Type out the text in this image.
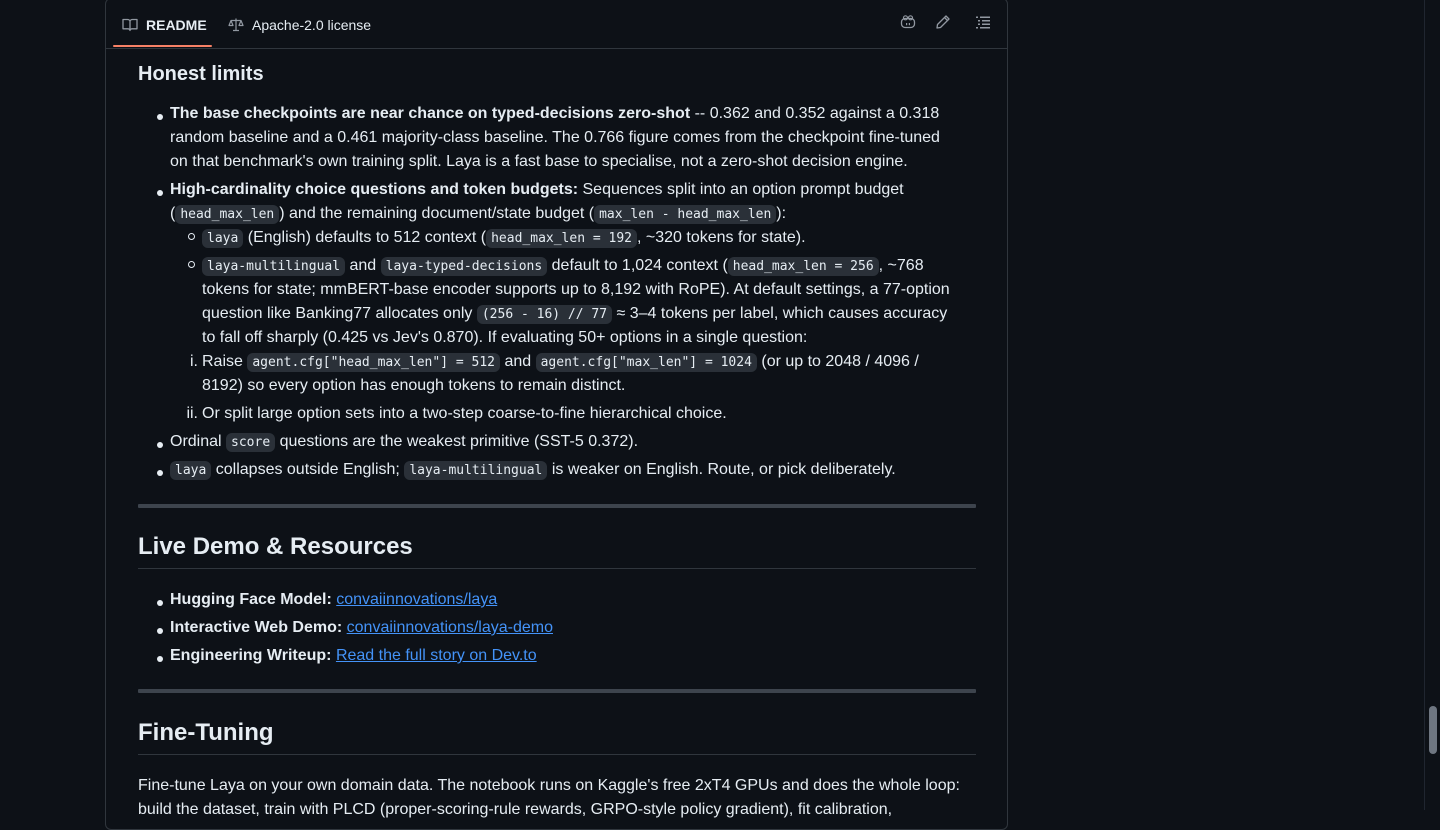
README	Apache-2.0 license
Honest limits
The base checkpoints are near chance on typed-decisions zero-shot -- 0.362 and 0.352 against a 0.318
random baseline and a 0.461 majority-class baseline. The 0.766 figure comes from the checkpoint fine-tuned
on that benchmark's own training split. Laya is a fast base to specialise, not a zero-shot decision engine.
High-cardinality choice questions and token budgets: Sequences split into an option prompt budget
( head_max_len ) and the remaining document/state budget ( max_len - head_max_len ):
laya (English) defaults to 512 context ( head_max_len = 192 , ~320 tokens for state).
laya-multilingual and laya-typed-decisions default to 1,024 context ( head_max_len = 256 , ~768
tokens for state; mmBERT-base encoder supports up to 8,192 with RoPE). At default settings, a 77-option
question like Banking77 allocates only (256 - 16) // 77 ≈ 3–4 tokens per label, which causes accuracy
to fall off sharply (0.425 vs Jev's 0.870). If evaluating 50+ options in a single question:
i. Raise agent.cfg["head_max_len"] = 512 and agent.cfg["max_len"] = 1024 (or up to 2048 / 4096 /
8192) so every option has enough tokens to remain distinct.
ii. Or split large option sets into a two-step coarse-to-fine hierarchical choice.
Ordinal score questions are the weakest primitive (SST-5 0.372).
laya collapses outside English; laya-multilingual is weaker on English. Route, or pick deliberately.
Live Demo & Resources
Hugging Face Model: convaiinnovations/laya
Interactive Web Demo: convaiinnovations/laya-demo
Engineering Writeup: Read the full story on Dev.to
Fine-Tuning
Fine-tune Laya on your own domain data. The notebook runs on Kaggle's free 2xT4 GPUs and does the whole loop:
build the dataset, train with PLCD (proper-scoring-rule rewards, GRPO-style policy gradient), fit calibration,
